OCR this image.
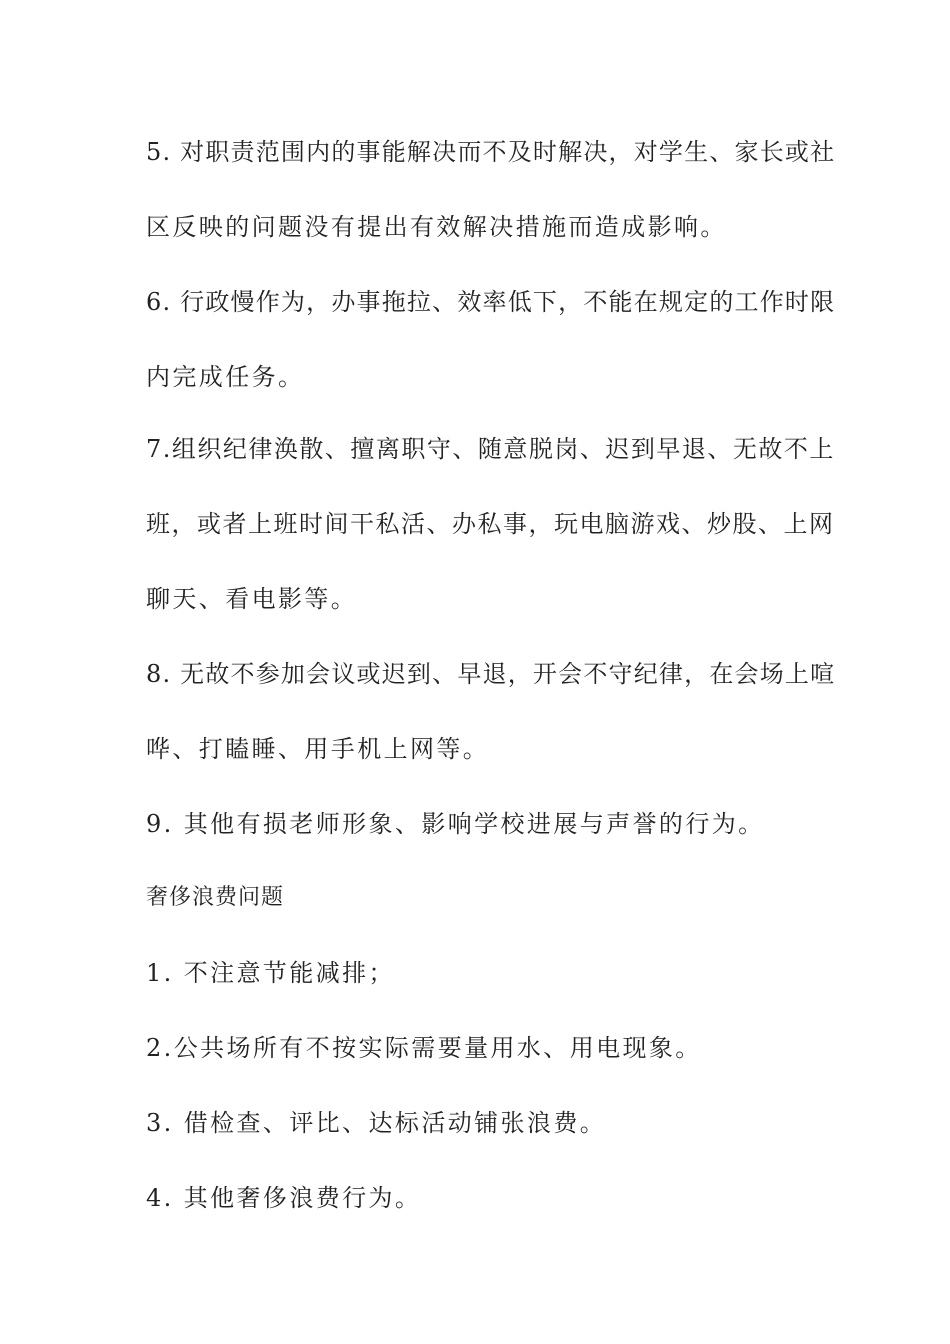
5. 对职责范围内的事能解决而不及时解决，对学生、家长或社
区反映的问题没有提出有效解决措施而造成影响。
6. 行政慢作为，办事拖拉、效率低下，不能在规定的工作时限
内完成任务。
7.组织纪律涣散、擅离职守、随意脱岗、迟到早退、无故不上
班，或者上班时间干私活、办私事，玩电脑游戏、炒股、上网
聊天、看电影等。
8. 无故不参加会议或迟到、早退，开会不守纪律，在会场上喧
哗、打瞌睡、用手机上网等。
9. 其他有损老师形象、影响学校进展与声誉的行为。
奢侈浪费问题
1. 不注意节能减排；
2.公共场所有不按实际需要量用水、用电现象。
3. 借检查、评比、达标活动铺张浪费。
4. 其他奢侈浪费行为。
